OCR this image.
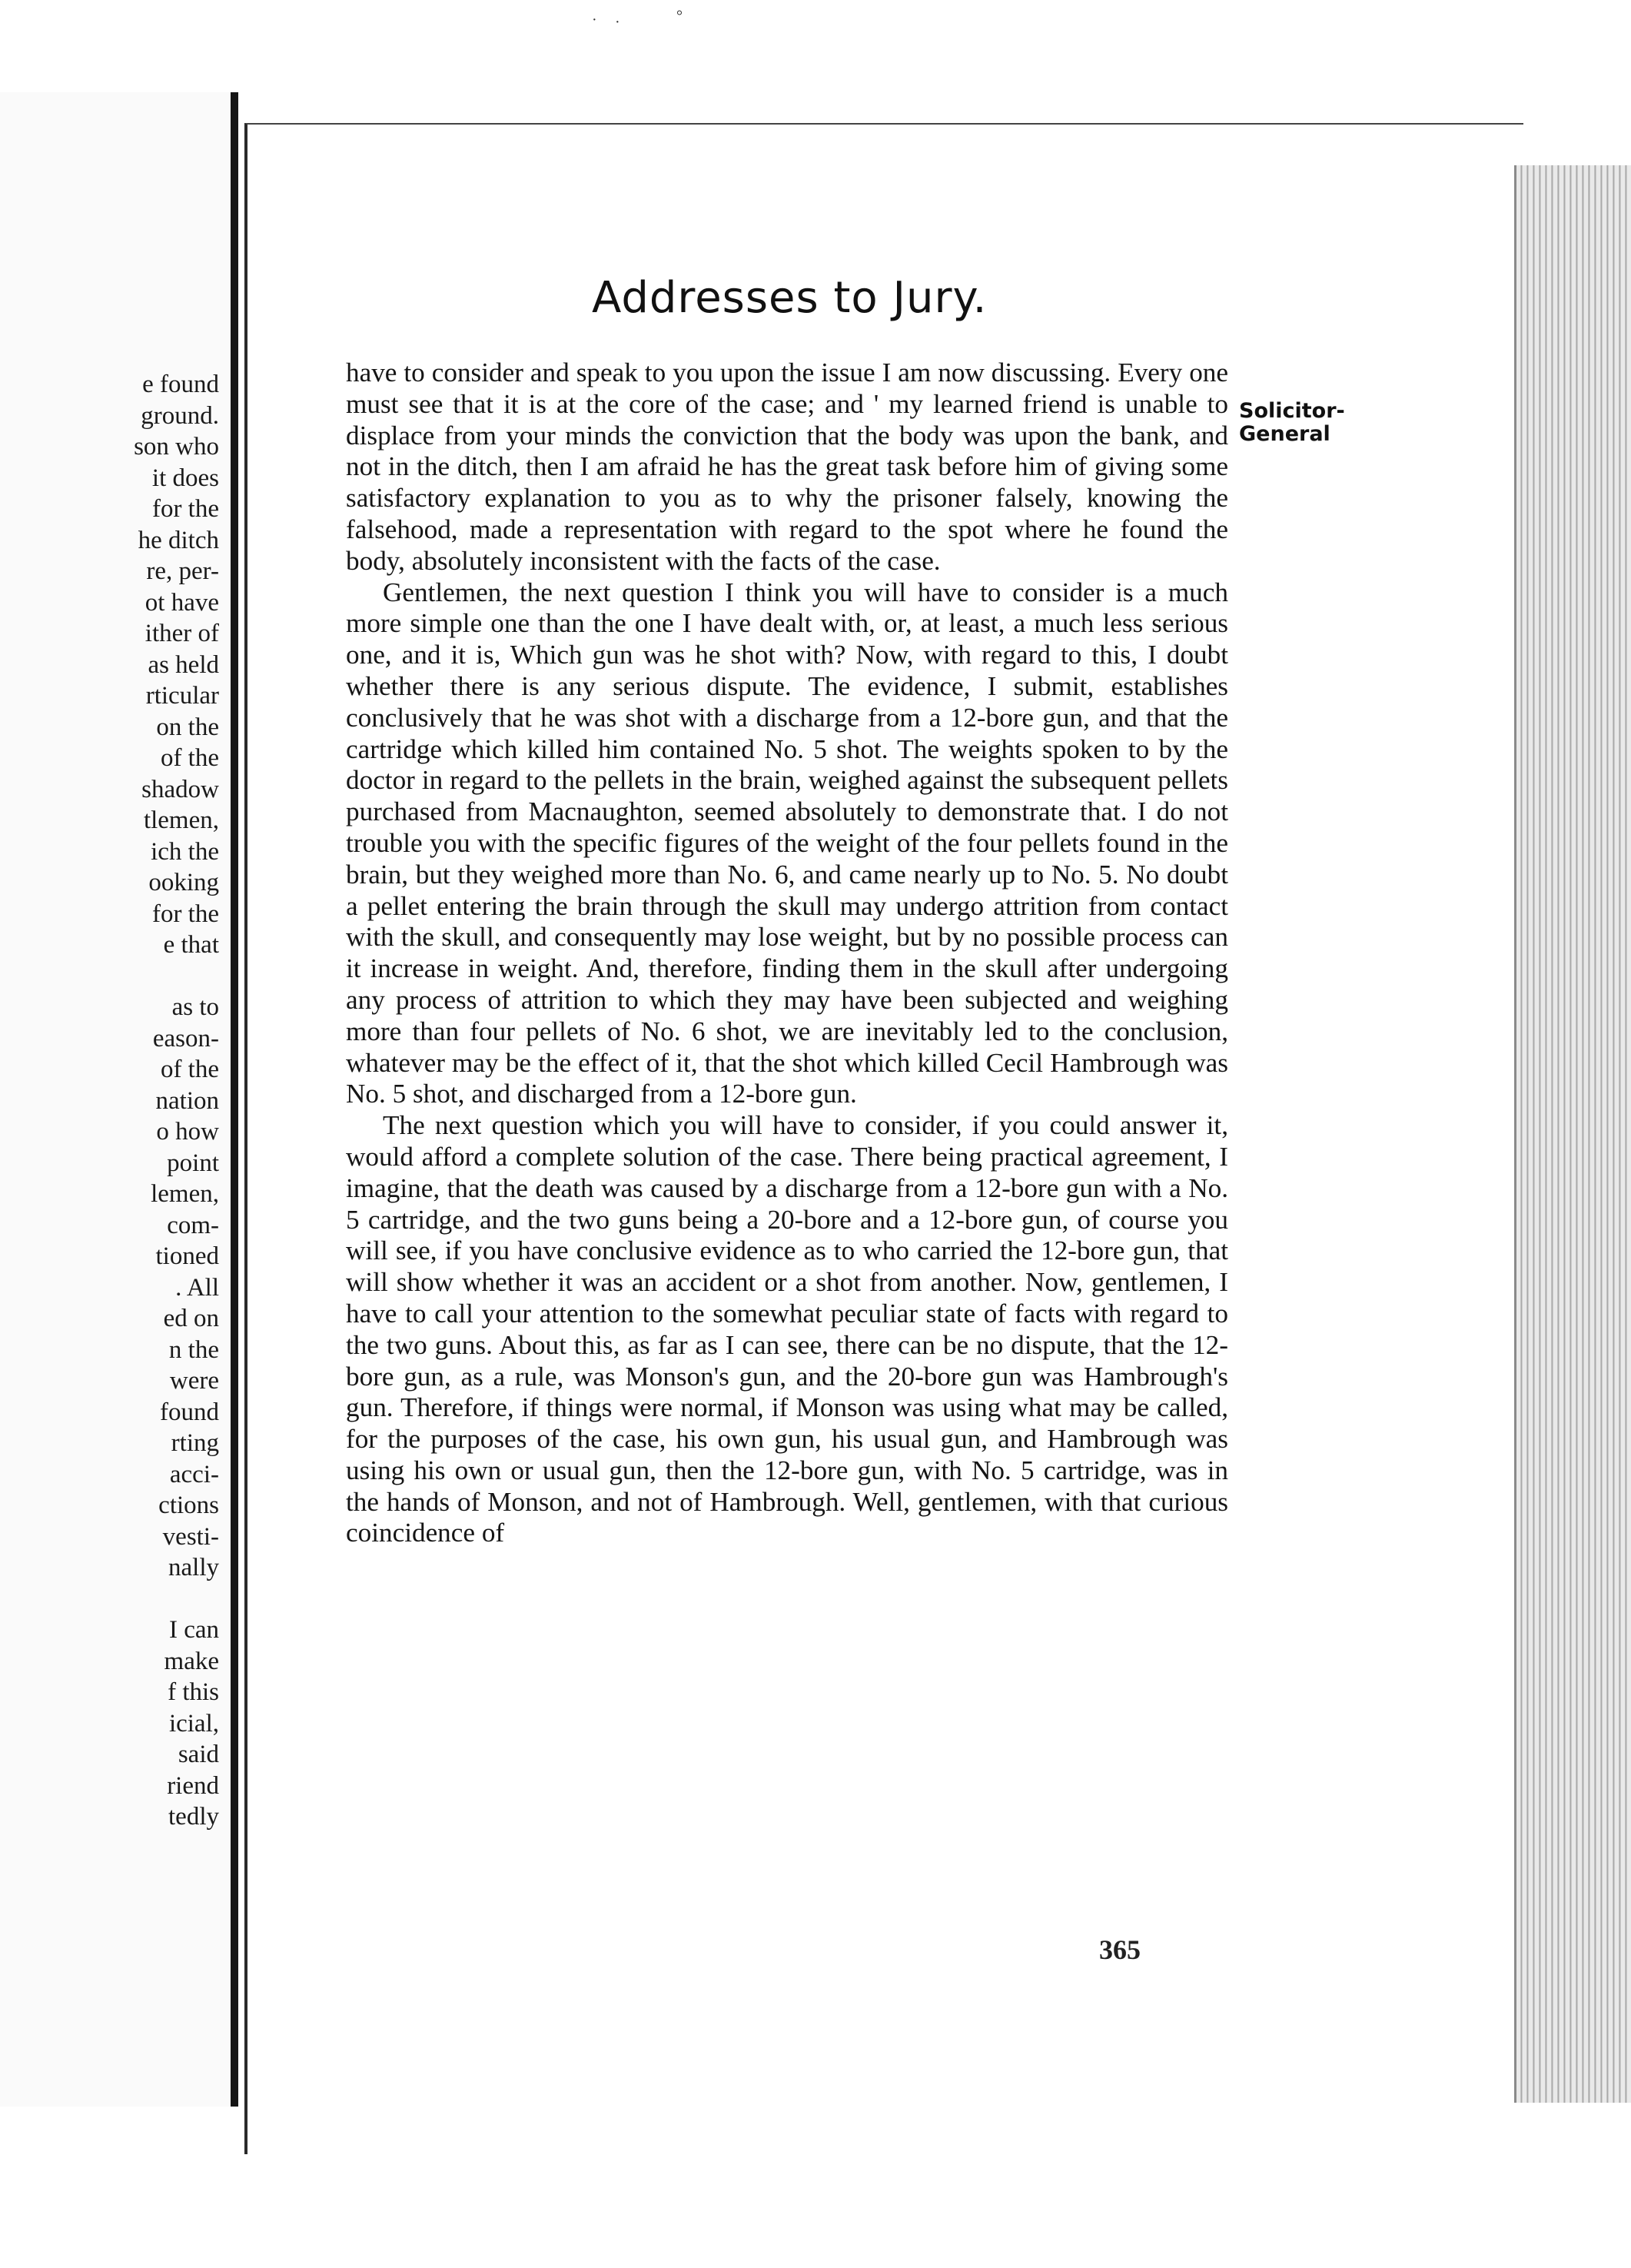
e found
ground.
son who
it does
for the
he ditch
re, per-
ot have
ither of
as held
rticular
on the
of the
shadow
tlemen,
ich the
ooking
for the
e that

as to
eason-
of the
nation
o how
point
lemen,
com-
tioned
. All
ed on
n the
were
found
rting
acci-
ctions
vesti-
nally

I can
make
f this
icial,
said
riend
tedly
· ·	°
Addresses to Jury.
Solicitor-
General

have to consider and speak to you upon the issue I am now discussing. Every one must see that it is at the core of the case; and ' my learned friend is unable to displace from your minds the conviction that the body was upon the bank, and not in the ditch, then I am afraid he has the great task before him of giving some satisfactory explanation to you as to why the prisoner falsely, knowing the falsehood, made a representation with regard to the spot where he found the body, absolutely inconsistent with the facts of the case.

Gentlemen, the next question I think you will have to consider is a much more simple one than the one I have dealt with, or, at least, a much less serious one, and it is, Which gun was he shot with? Now, with regard to this, I doubt whether there is any serious dispute. The evidence, I submit, establishes conclusively that he was shot with a discharge from a 12-bore gun, and that the cartridge which killed him contained No. 5 shot. The weights spoken to by the doctor in regard to the pellets in the brain, weighed against the subsequent pellets purchased from Macnaughton, seemed absolutely to demonstrate that. I do not trouble you with the specific figures of the weight of the four pellets found in the brain, but they weighed more than No. 6, and came nearly up to No. 5. No doubt a pellet entering the brain through the skull may undergo attrition from contact with the skull, and consequently may lose weight, but by no possible process can it increase in weight. And, therefore, finding them in the skull after undergoing any process of attrition to which they may have been subjected and weighing more than four pellets of No. 6 shot, we are inevitably led to the conclusion, whatever may be the effect of it, that the shot which killed Cecil Hambrough was No. 5 shot, and discharged from a 12-bore gun.

The next question which you will have to consider, if you could answer it, would afford a complete solution of the case. There being practical agreement, I imagine, that the death was caused by a discharge from a 12-bore gun with a No. 5 cartridge, and the two guns being a 20-bore and a 12-bore gun, of course you will see, if you have conclusive evidence as to who carried the 12-bore gun, that will show whether it was an accident or a shot from another. Now, gentlemen, I have to call your attention to the somewhat peculiar state of facts with regard to the two guns. About this, as far as I can see, there can be no dispute, that the 12-bore gun, as a rule, was Monson's gun, and the 20-bore gun was Hambrough's gun. Therefore, if things were normal, if Monson was using what may be called, for the purposes of the case, his own gun, his usual gun, and Hambrough was using his own or usual gun, then the 12-bore gun, with No. 5 cartridge, was in the hands of Monson, and not of Hambrough. Well, gentlemen, with that curious coincidence of

365
